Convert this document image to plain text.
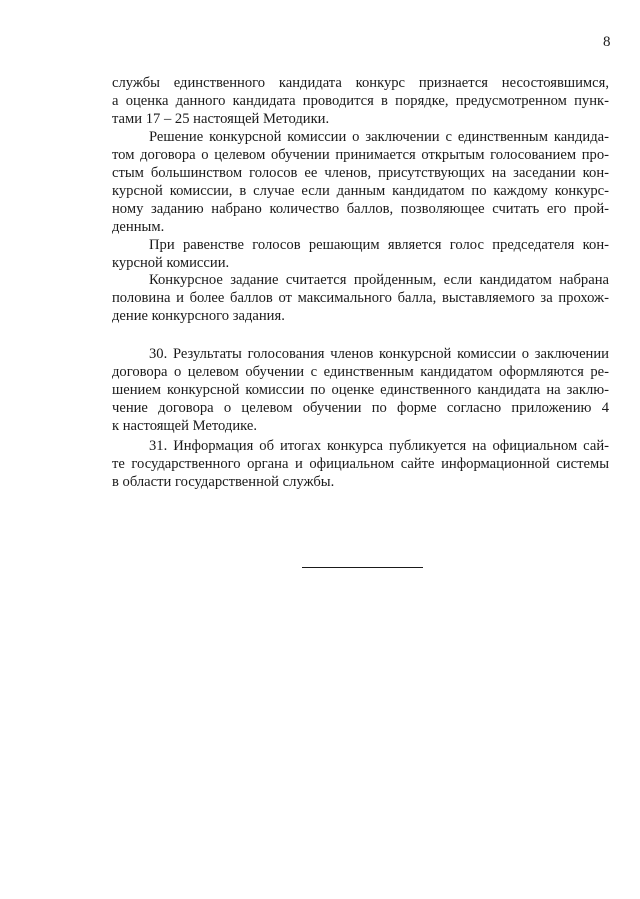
8
службы единственного кандидата конкурс признается несостоявшимся,
а оценка данного кандидата проводится в порядке, предусмотренном пунк-
тами 17 – 25 настоящей Методики.
Решение конкурсной комиссии о заключении с единственным кандида-
том договора о целевом обучении принимается открытым голосованием про-
стым большинством голосов ее членов, присутствующих на заседании кон-
курсной комиссии, в случае если данным кандидатом по каждому конкурс-
ному заданию набрано количество баллов, позволяющее считать его прой-
денным.
При равенстве голосов решающим является голос председателя кон-
курсной комиссии.
Конкурсное задание считается пройденным, если кандидатом набрана
половина и более баллов от максимального балла, выставляемого за прохож-
дение конкурсного задания.
30. Результаты голосования членов конкурсной комиссии о заключении
договора о целевом обучении с единственным кандидатом оформляются ре-
шением конкурсной комиссии по оценке единственного кандидата на заклю-
чение договора о целевом обучении по форме согласно приложению 4
к настоящей Методике.
31. Информация об итогах конкурса публикуется на официальном сай-
те государственного органа и официальном сайте информационной системы
в области государственной службы.
